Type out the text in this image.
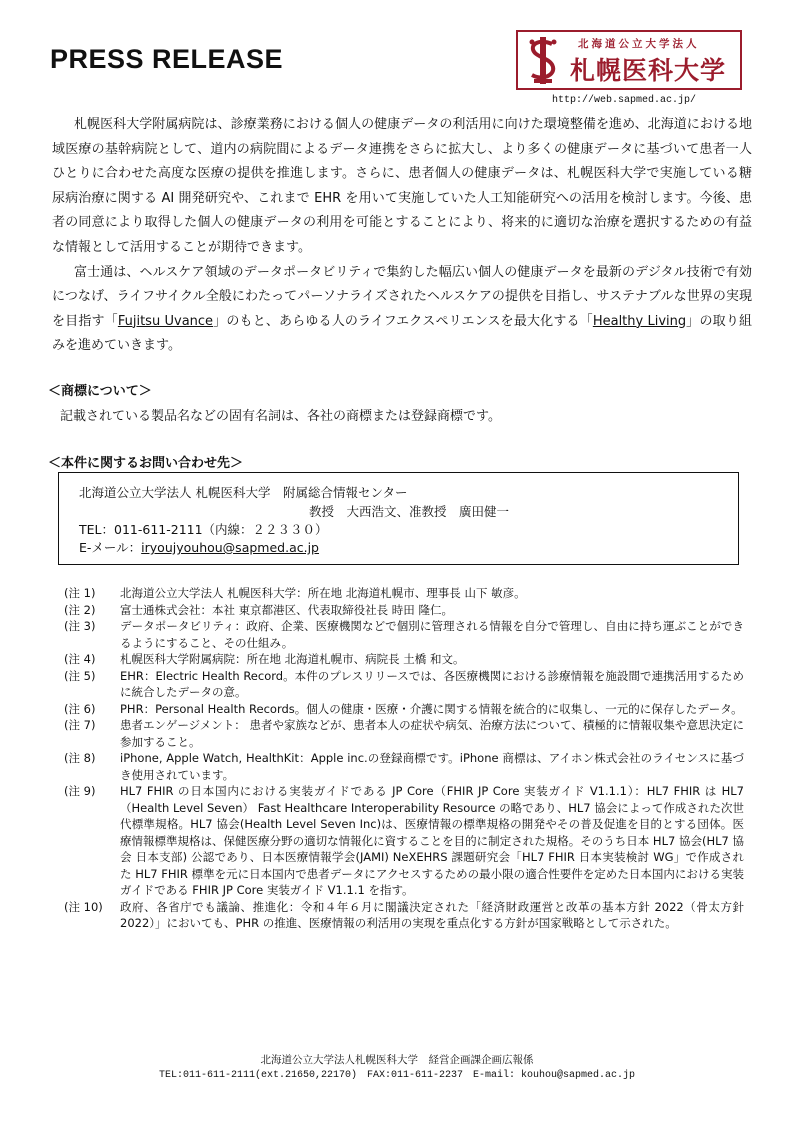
PRESS RELEASE	北海道公立大学法人
札幌医科大学
http://web.sapmed.ac.jp/

札幌医科大学附属病院は、診療業務における個人の健康データの利活用に向けた環境整備を進め、北海道における地域医療の基幹病院として、道内の病院間によるデータ連携をさらに拡大し、より多くの健康データに基づいて患者一人ひとりに合わせた高度な医療の提供を推進します。さらに、患者個人の健康データは、札幌医科大学で実施している糖尿病治療に関する AI 開発研究や、これまで EHR を用いて実施していた人工知能研究への活用を検討します。今後、患者の同意により取得した個人の健康データの利用を可能とすることにより、将来的に適切な治療を選択するための有益な情報として活用することが期待できます。

富士通は、ヘルスケア領域のデータポータビリティで集約した幅広い個人の健康データを最新のデジタル技術で有効につなげ、ライフサイクル全般にわたってパーソナライズされたヘルスケアの提供を目指し、サステナブルな世界の実現を目指す「Fujitsu Uvance」のもと、あらゆる人のライフエクスペリエンスを最大化する「Healthy Living」の取り組みを進めていきます。

＜商標について＞
記載されている製品名などの固有名詞は、各社の商標または登録商標です。
＜本件に関するお問い合わせ先＞
北海道公立大学法人 札幌医科大学　附属総合情報センター
教授　大西浩文、准教授　廣田健一
TEL：011-611-2111（内線：２２３３０）
E-メール：iryoujyouhou@sapmed.ac.jp
(注 1)	北海道公立大学法人 札幌医科大学：所在地 北海道札幌市、理事長 山下 敏彦。
(注 2)	富士通株式会社：本社 東京都港区、代表取締役社長 時田 隆仁。
(注 3)	データポータビリティ：政府、企業、医療機関などで個別に管理される情報を自分で管理し、自由に持ち運ぶことができるようにすること、その仕組み。
(注 4)	札幌医科大学附属病院：所在地 北海道札幌市、病院長 土橋 和文。
(注 5)	EHR：Electric Health Record。本件のプレスリリースでは、各医療機関における診療情報を施設間で連携活用するために統合したデータの意。
(注 6)	PHR：Personal Health Records。個人の健康・医療・介護に関する情報を統合的に収集し、一元的に保存したデータ。
(注 7)	患者エンゲージメント： 患者や家族などが、患者本人の症状や病気、治療方法について、積極的に情報収集や意思決定に参加すること。
(注 8)	iPhone, Apple Watch, HealthKit：Apple inc.の登録商標です。iPhone 商標は、アイホン株式会社のライセンスに基づき使用されています。
(注 9)	HL7 FHIR の日本国内における実装ガイドである JP Core（FHIR JP Core 実装ガイド V1.1.1）：HL7 FHIR は HL7（Health Level Seven） Fast Healthcare Interoperability Resource の略であり、HL7 協会によって作成された次世代標準規格。HL7 協会(Health Level Seven Inc)は、医療情報の標準規格の開発やその普及促進を目的とする団体。医療情報標準規格は、保健医療分野の適切な情報化に資することを目的に制定された規格。そのうち日本 HL7 協会(HL7 協会 日本支部) 公認であり、日本医療情報学会(JAMI) NeXEHRS 課題研究会「HL7 FHIR 日本実装検討 WG」で作成された HL7 FHIR 標準を元に日本国内で患者データにアクセスするための最小限の適合性要件を定めた日本国内における実装ガイドである FHIR JP Core 実装ガイド V1.1.1 を指す。
(注 10)	政府、各省庁でも議論、推進化：令和４年６月に閣議決定された「経済財政運営と改革の基本方針 2022（骨太方針 2022）」においても、PHR の推進、医療情報の利活用の実現を重点化する方針が国家戦略として示された。
北海道公立大学法人札幌医科大学　経営企画課企画広報係
TEL:011-611-2111(ext.21650,22170)　FAX:011-611-2237　E-mail: kouhou@sapmed.ac.jp
